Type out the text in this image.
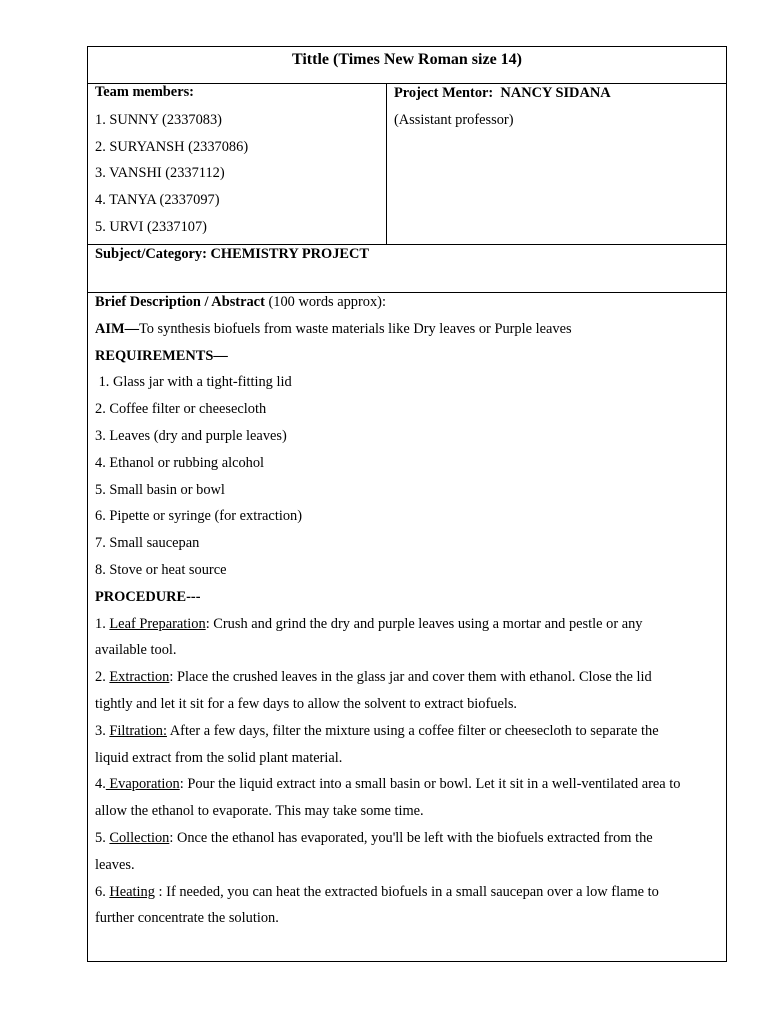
Tittle (Times New Roman size 14)
Team members:
1. SUNNY (2337083)
2. SURYANSH (2337086)
3. VANSHI (2337112)
4. TANYA (2337097)
5. URVI (2337107)
Project Mentor: NANCY SIDANA
(Assistant professor)
Subject/Category: CHEMISTRY PROJECT
Brief Description / Abstract (100 words approx):
AIM—To synthesis biofuels from waste materials like Dry leaves or Purple leaves
REQUIREMENTS—
1. Glass jar with a tight-fitting lid
2. Coffee filter or cheesecloth
3. Leaves (dry and purple leaves)
4. Ethanol or rubbing alcohol
5. Small basin or bowl
6. Pipette or syringe (for extraction)
7. Small saucepan
8. Stove or heat source
PROCEDURE---
1. Leaf Preparation: Crush and grind the dry and purple leaves using a mortar and pestle or any
available tool.
2. Extraction: Place the crushed leaves in the glass jar and cover them with ethanol. Close the lid
tightly and let it sit for a few days to allow the solvent to extract biofuels.
3. Filtration: After a few days, filter the mixture using a coffee filter or cheesecloth to separate the
liquid extract from the solid plant material.
4. Evaporation: Pour the liquid extract into a small basin or bowl. Let it sit in a well-ventilated area to
allow the ethanol to evaporate. This may take some time.
5. Collection: Once the ethanol has evaporated, you'll be left with the biofuels extracted from the
leaves.
6. Heating : If needed, you can heat the extracted biofuels in a small saucepan over a low flame to
further concentrate the solution.
